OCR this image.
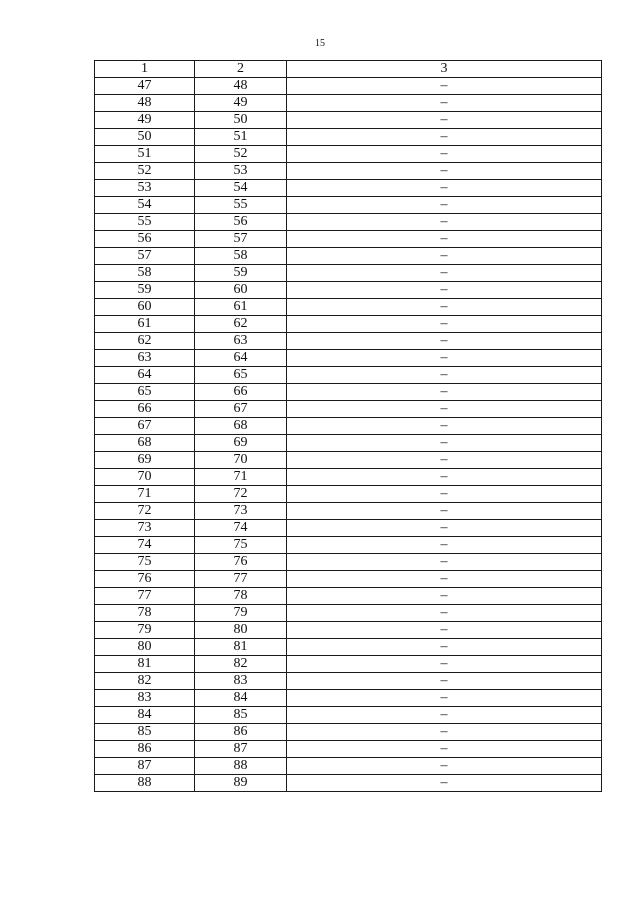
15
1	2	3
47	48	–
48	49	–
49	50	–
50	51	–
51	52	–
52	53	–
53	54	–
54	55	–
55	56	–
56	57	–
57	58	–
58	59	–
59	60	–
60	61	–
61	62	–
62	63	–
63	64	–
64	65	–
65	66	–
66	67	–
67	68	–
68	69	–
69	70	–
70	71	–
71	72	–
72	73	–
73	74	–
74	75	–
75	76	–
76	77	–
77	78	–
78	79	–
79	80	–
80	81	–
81	82	–
82	83	–
83	84	–
84	85	–
85	86	–
86	87	–
87	88	–
88	89	–
